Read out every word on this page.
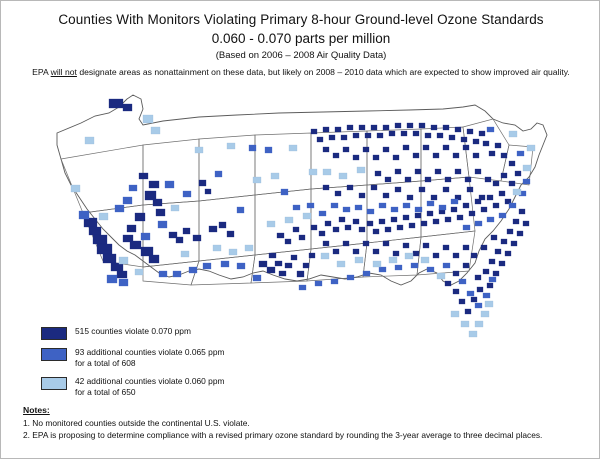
Counties With Monitors Violating Primary 8-hour Ground-level Ozone Standards
0.060 - 0.070 parts per million
(Based on 2006 – 2008 Air Quality Data)
EPA will not designate areas as nonattainment on these data, but likely on 2008 – 2010 data which are expected to show improved air quality.
515 counties violate 0.070 ppm
93 additional counties violate 0.065 ppm
for a total of 608
42 additional counties violate 0.060 ppm
for a total of 650
Notes:
1. No monitored counties outside the continental U.S. violate.
2. EPA is proposing to determine compliance with a revised primary ozone standard by rounding the 3-year average to three decimal places.
